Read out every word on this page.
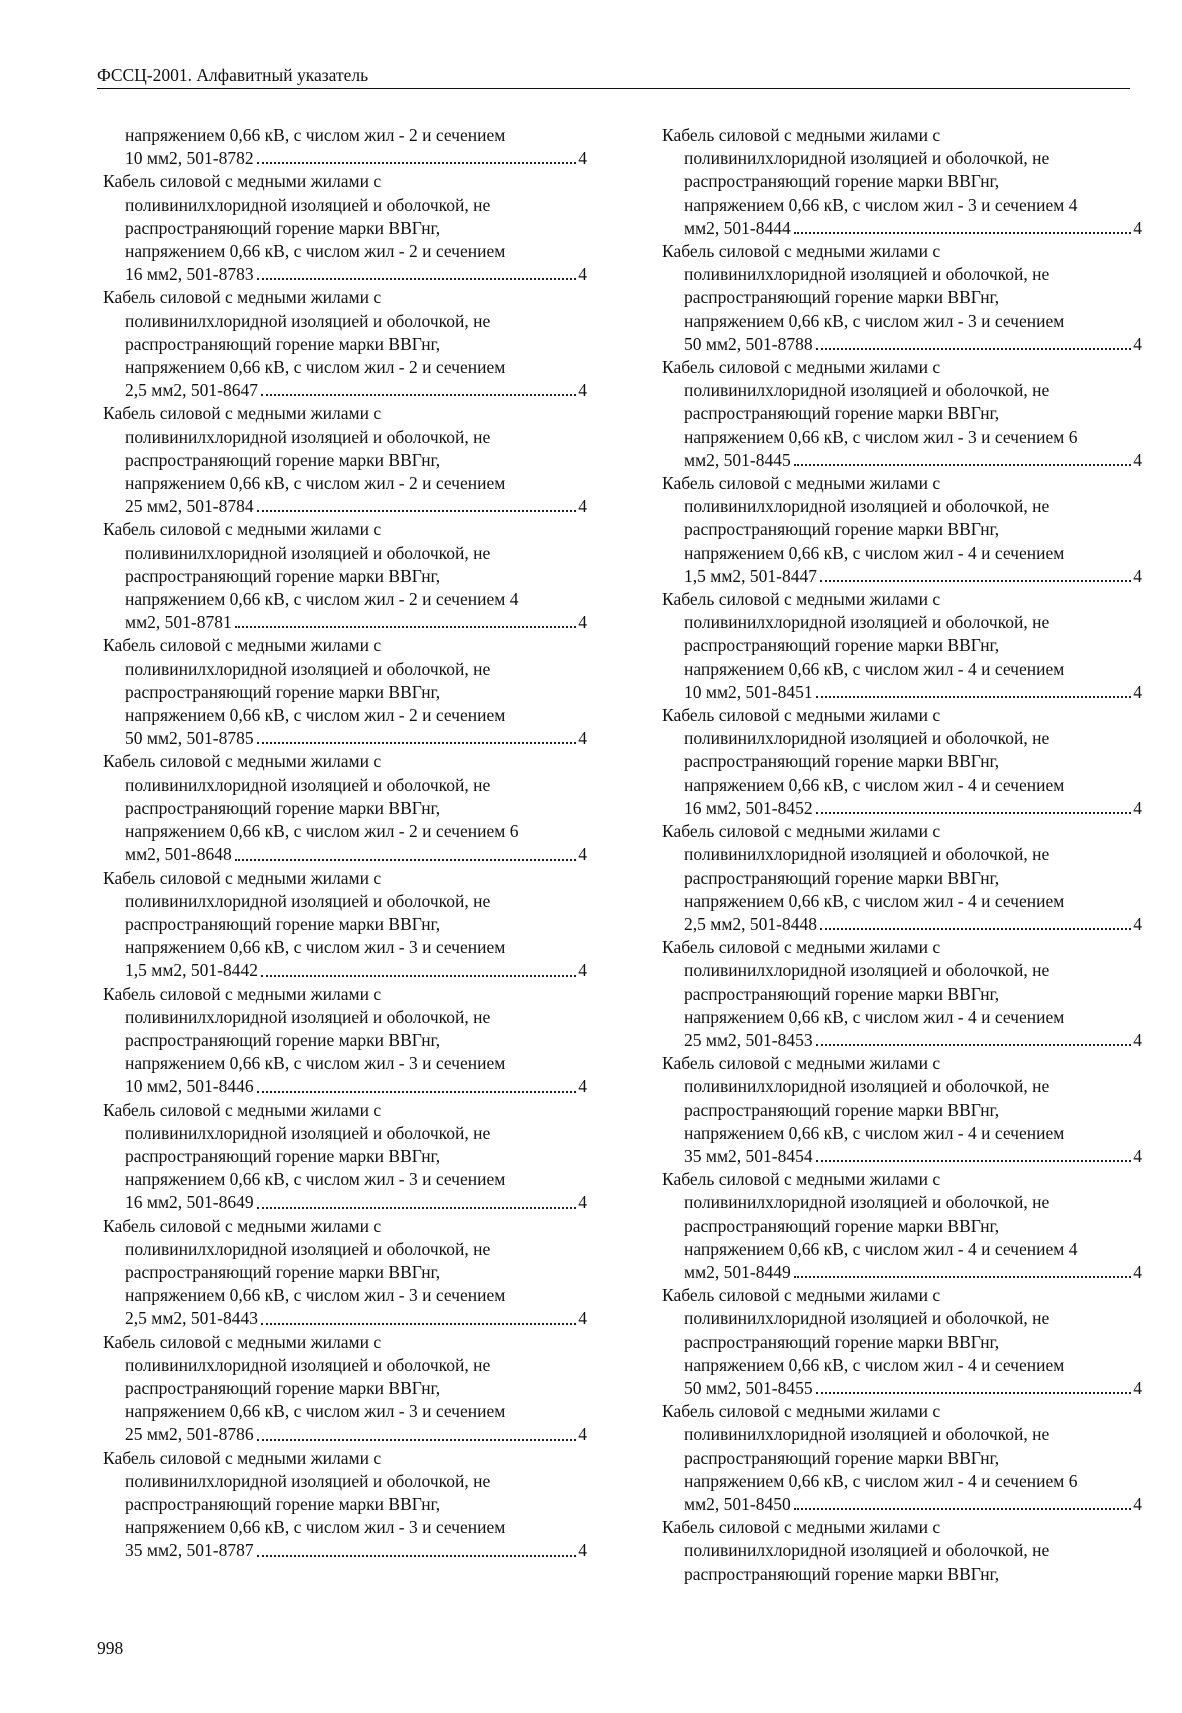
ФССЦ-2001. Алфавитный указатель
напряжением 0,66 кВ, с числом жил - 2 и сечением
10 мм2, 501-8782	4
Кабель силовой с медными жилами с
поливинилхлоридной изоляцией и оболочкой, не
распространяющий горение марки ВВГнг,
напряжением 0,66 кВ, с числом жил - 2 и сечением
16 мм2, 501-8783	4
Кабель силовой с медными жилами с
поливинилхлоридной изоляцией и оболочкой, не
распространяющий горение марки ВВГнг,
напряжением 0,66 кВ, с числом жил - 2 и сечением
2,5 мм2, 501-8647	4
Кабель силовой с медными жилами с
поливинилхлоридной изоляцией и оболочкой, не
распространяющий горение марки ВВГнг,
напряжением 0,66 кВ, с числом жил - 2 и сечением
25 мм2, 501-8784	4
Кабель силовой с медными жилами с
поливинилхлоридной изоляцией и оболочкой, не
распространяющий горение марки ВВГнг,
напряжением 0,66 кВ, с числом жил - 2 и сечением 4
мм2, 501-8781	4
Кабель силовой с медными жилами с
поливинилхлоридной изоляцией и оболочкой, не
распространяющий горение марки ВВГнг,
напряжением 0,66 кВ, с числом жил - 2 и сечением
50 мм2, 501-8785	4
Кабель силовой с медными жилами с
поливинилхлоридной изоляцией и оболочкой, не
распространяющий горение марки ВВГнг,
напряжением 0,66 кВ, с числом жил - 2 и сечением 6
мм2, 501-8648	4
Кабель силовой с медными жилами с
поливинилхлоридной изоляцией и оболочкой, не
распространяющий горение марки ВВГнг,
напряжением 0,66 кВ, с числом жил - 3 и сечением
1,5 мм2, 501-8442	4
Кабель силовой с медными жилами с
поливинилхлоридной изоляцией и оболочкой, не
распространяющий горение марки ВВГнг,
напряжением 0,66 кВ, с числом жил - 3 и сечением
10 мм2, 501-8446	4
Кабель силовой с медными жилами с
поливинилхлоридной изоляцией и оболочкой, не
распространяющий горение марки ВВГнг,
напряжением 0,66 кВ, с числом жил - 3 и сечением
16 мм2, 501-8649	4
Кабель силовой с медными жилами с
поливинилхлоридной изоляцией и оболочкой, не
распространяющий горение марки ВВГнг,
напряжением 0,66 кВ, с числом жил - 3 и сечением
2,5 мм2, 501-8443	4
Кабель силовой с медными жилами с
поливинилхлоридной изоляцией и оболочкой, не
распространяющий горение марки ВВГнг,
напряжением 0,66 кВ, с числом жил - 3 и сечением
25 мм2, 501-8786	4
Кабель силовой с медными жилами с
поливинилхлоридной изоляцией и оболочкой, не
распространяющий горение марки ВВГнг,
напряжением 0,66 кВ, с числом жил - 3 и сечением
35 мм2, 501-8787	4
Кабель силовой с медными жилами с
поливинилхлоридной изоляцией и оболочкой, не
распространяющий горение марки ВВГнг,
напряжением 0,66 кВ, с числом жил - 3 и сечением 4
мм2, 501-8444	4
Кабель силовой с медными жилами с
поливинилхлоридной изоляцией и оболочкой, не
распространяющий горение марки ВВГнг,
напряжением 0,66 кВ, с числом жил - 3 и сечением
50 мм2, 501-8788	4
Кабель силовой с медными жилами с
поливинилхлоридной изоляцией и оболочкой, не
распространяющий горение марки ВВГнг,
напряжением 0,66 кВ, с числом жил - 3 и сечением 6
мм2, 501-8445	4
Кабель силовой с медными жилами с
поливинилхлоридной изоляцией и оболочкой, не
распространяющий горение марки ВВГнг,
напряжением 0,66 кВ, с числом жил - 4 и сечением
1,5 мм2, 501-8447	4
Кабель силовой с медными жилами с
поливинилхлоридной изоляцией и оболочкой, не
распространяющий горение марки ВВГнг,
напряжением 0,66 кВ, с числом жил - 4 и сечением
10 мм2, 501-8451	4
Кабель силовой с медными жилами с
поливинилхлоридной изоляцией и оболочкой, не
распространяющий горение марки ВВГнг,
напряжением 0,66 кВ, с числом жил - 4 и сечением
16 мм2, 501-8452	4
Кабель силовой с медными жилами с
поливинилхлоридной изоляцией и оболочкой, не
распространяющий горение марки ВВГнг,
напряжением 0,66 кВ, с числом жил - 4 и сечением
2,5 мм2, 501-8448	4
Кабель силовой с медными жилами с
поливинилхлоридной изоляцией и оболочкой, не
распространяющий горение марки ВВГнг,
напряжением 0,66 кВ, с числом жил - 4 и сечением
25 мм2, 501-8453	4
Кабель силовой с медными жилами с
поливинилхлоридной изоляцией и оболочкой, не
распространяющий горение марки ВВГнг,
напряжением 0,66 кВ, с числом жил - 4 и сечением
35 мм2, 501-8454	4
Кабель силовой с медными жилами с
поливинилхлоридной изоляцией и оболочкой, не
распространяющий горение марки ВВГнг,
напряжением 0,66 кВ, с числом жил - 4 и сечением 4
мм2, 501-8449	4
Кабель силовой с медными жилами с
поливинилхлоридной изоляцией и оболочкой, не
распространяющий горение марки ВВГнг,
напряжением 0,66 кВ, с числом жил - 4 и сечением
50 мм2, 501-8455	4
Кабель силовой с медными жилами с
поливинилхлоридной изоляцией и оболочкой, не
распространяющий горение марки ВВГнг,
напряжением 0,66 кВ, с числом жил - 4 и сечением 6
мм2, 501-8450	4
Кабель силовой с медными жилами с
поливинилхлоридной изоляцией и оболочкой, не
распространяющий горение марки ВВГнг,
998
